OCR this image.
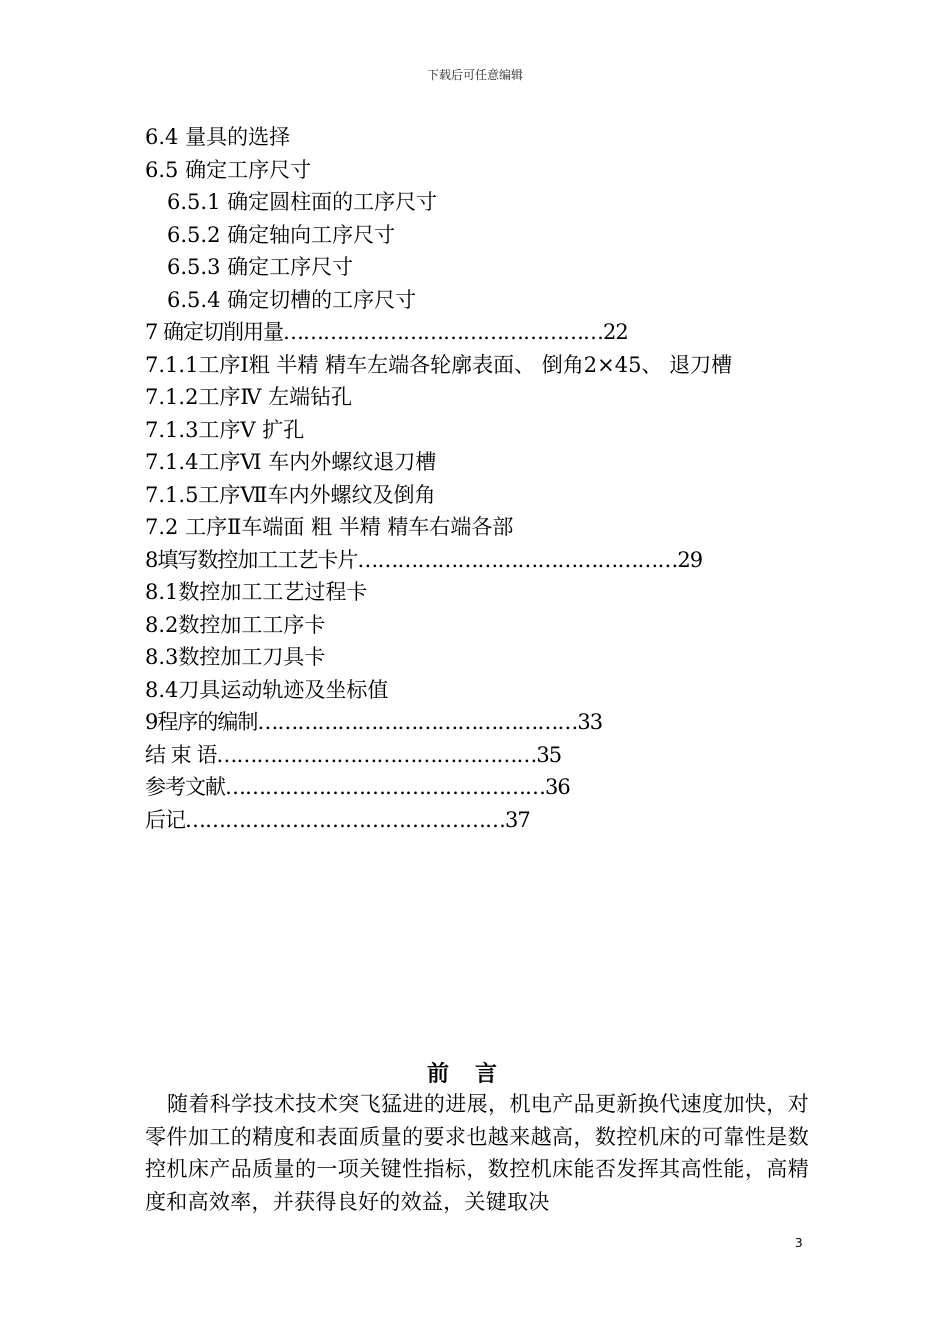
下载后可任意编辑
6.4 量具的选择
6.5 确定工序尺寸
6.5.1 确定圆柱面的工序尺寸
6.5.2 确定轴向工序尺寸
6.5.3 确定工序尺寸
6.5.4 确定切槽的工序尺寸
7 确定切削用量…………………………………………22
7.1.1工序Ⅰ粗 半精 精车左端各轮廓表面、 倒角2×45、 退刀槽
7.1.2工序Ⅳ 左端钻孔
7.1.3工序Ⅴ 扩孔
7.1.4工序Ⅵ 车内外螺纹退刀槽
7.1.5工序Ⅶ车内外螺纹及倒角
7.2 工序Ⅱ车端面 粗 半精 精车右端各部
8填写数控加工工艺卡片…………………………………………29
8.1数控加工工艺过程卡
8.2数控加工工序卡
8.3数控加工刀具卡
8.4刀具运动轨迹及坐标值
9程序的编制…………………………………………33
结 束 语…………………………………………35
参考文献…………………………………………36
后记…………………………………………37
前言
随着科学技术技术突飞猛进的进展，机电产品更新换代速度加快，对零件加工的精度和表面质量的要求也越来越高，数控机床的可靠性是数控机床产品质量的一项关键性指标，数控机床能否发挥其高性能，高精度和高效率，并获得良好的效益，关键取决
3
